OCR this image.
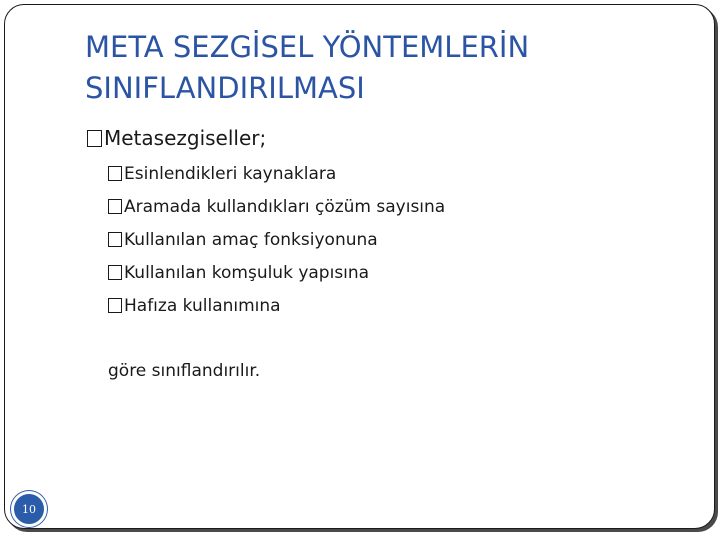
META SEZGİSEL YÖNTEMLERİN SINIFLANDIRILMASI

Metasezgiseller;

Esinlendikleri kaynaklara
Aramada kullandıkları çözüm sayısına
Kullanılan amaç fonksiyonuna
Kullanılan komşuluk yapısına
Hafıza kullanımına

göre sınıflandırılır.

10
